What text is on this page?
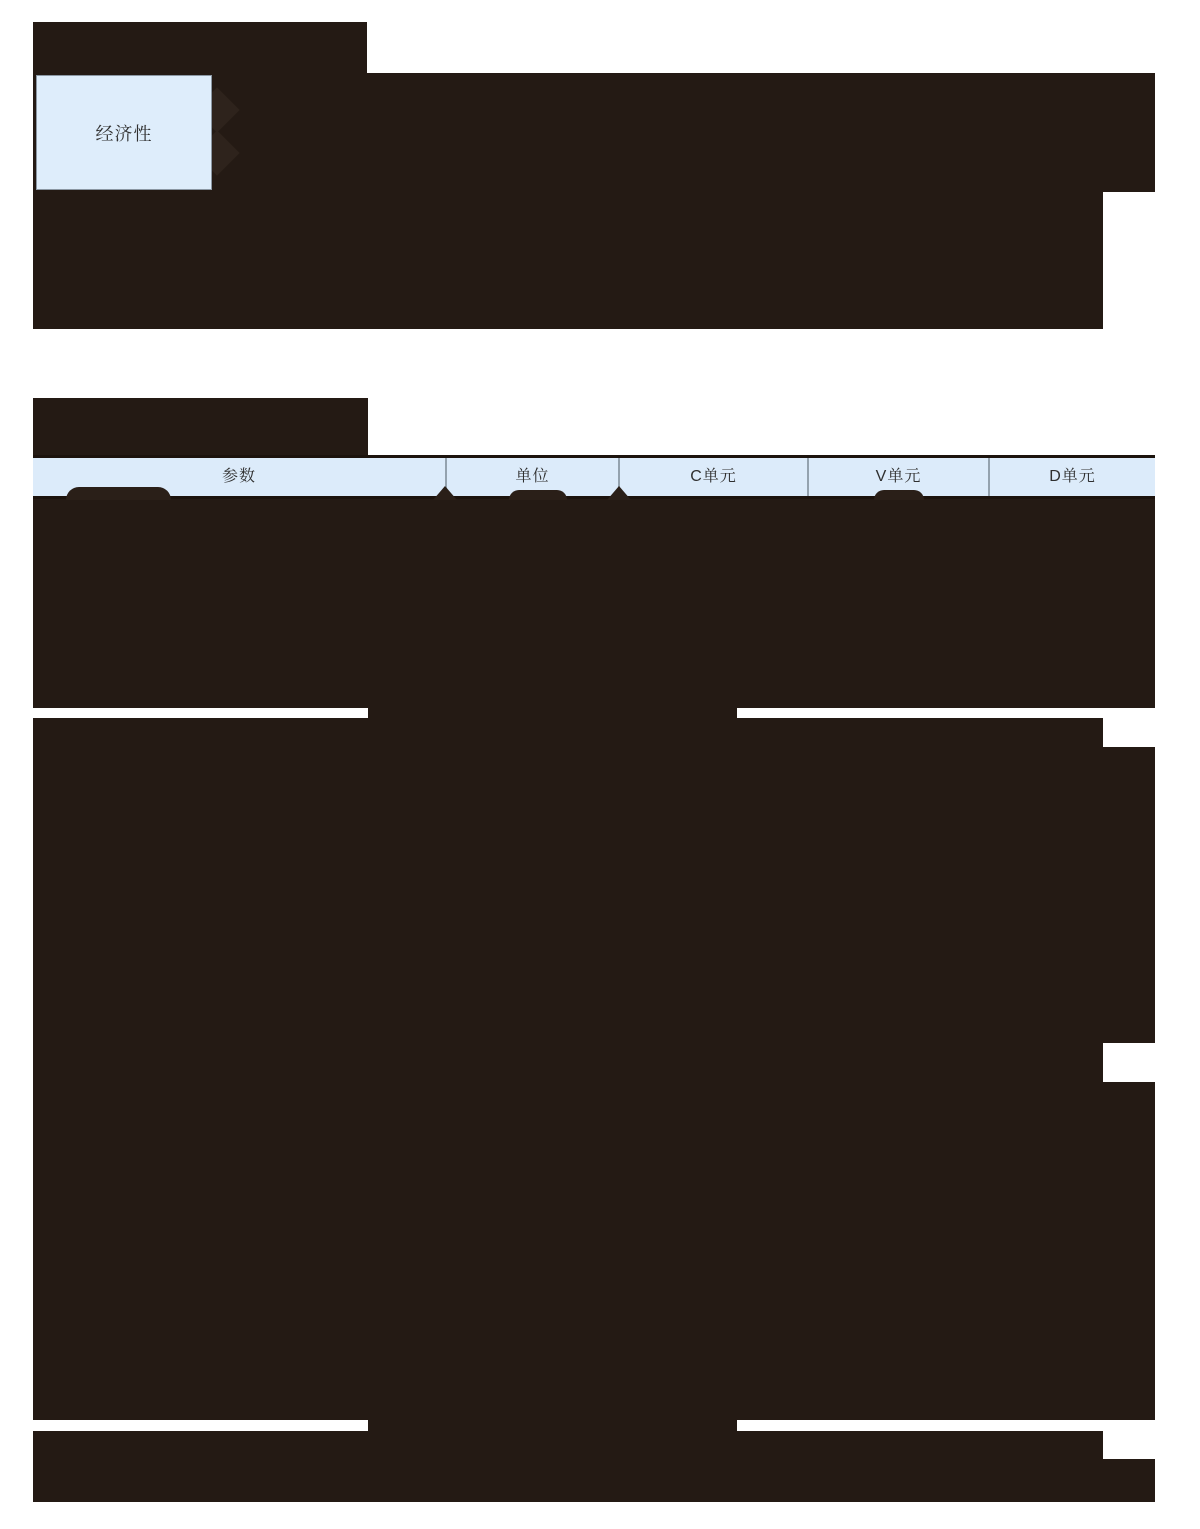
经济性
参数	单位	C单元	V单元	D单元
